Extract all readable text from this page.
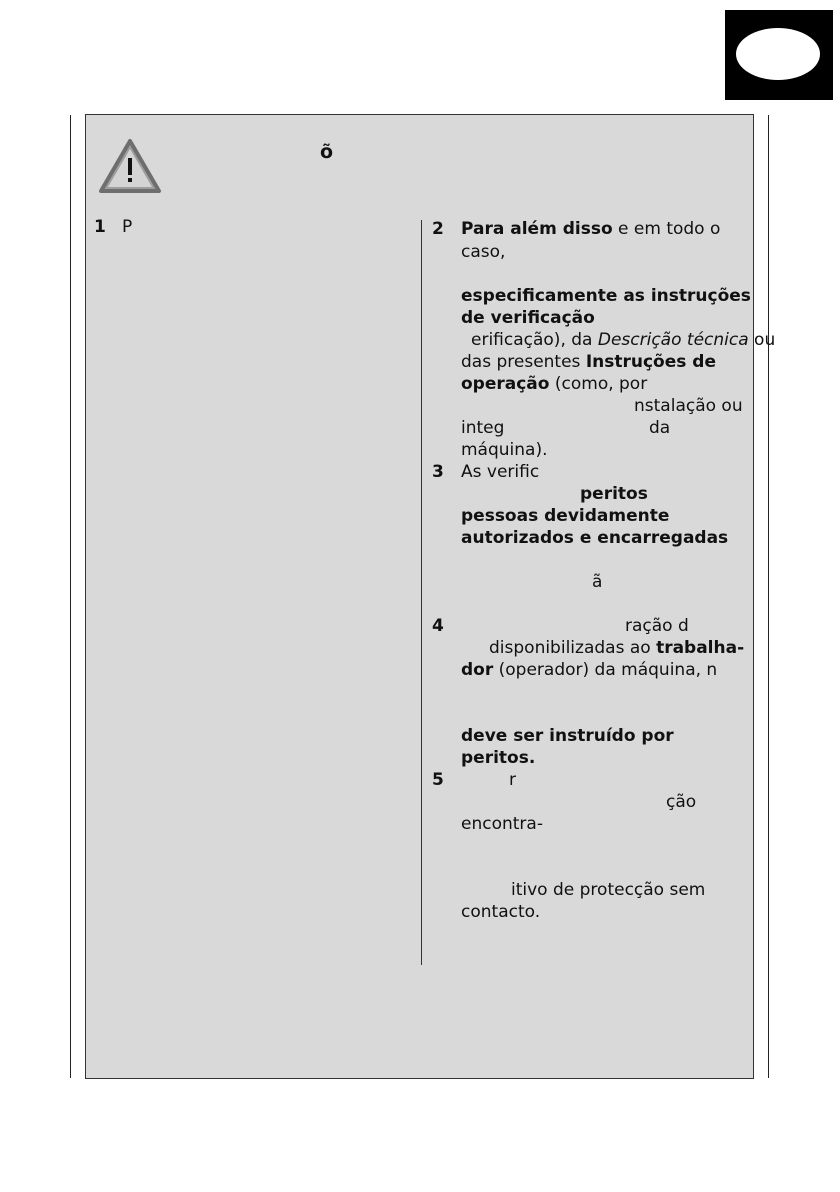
õ
1 P	2 Para além disso e em todo o
caso,
especificamente as instruções
de verificação
erificação), da Descrição técnica ou
das presentes Instruções de
operação (como, por
nstalação ou
integ	da
máquina).
3 As verific
peritos
pessoas devidamente
autorizados e encarregadas
ã
4	ração d
disponibilizadas ao trabalha-
dor (operador) da máquina, n
deve ser instruído por
peritos.
5	r
ção
encontra-
itivo de protecção sem
contacto.
